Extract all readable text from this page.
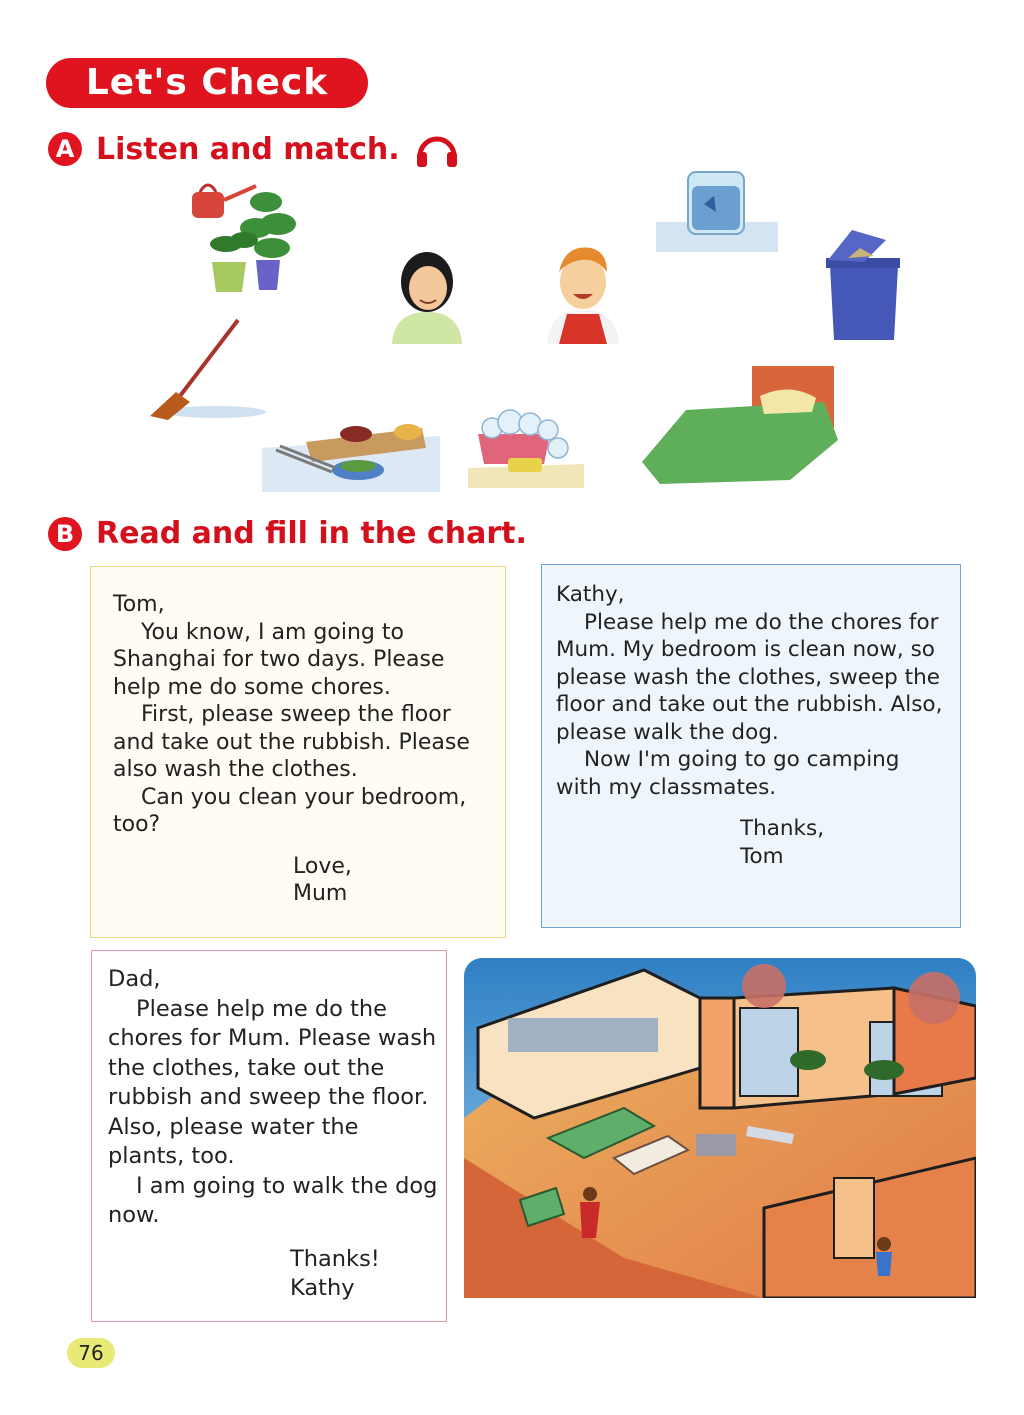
Let's Check
A Listen and match.
B Read and fill in the chart.

Tom,

You know, I am going to Shanghai for two days. Please help me do some chores.

First, please sweep the floor and take out the rubbish. Please also wash the clothes.

Can you clean your bedroom, too?

Love,

Mum

Kathy,

Please help me do the chores for Mum. My bedroom is clean now, so please wash the clothes, sweep the floor and take out the rubbish. Also, please walk the dog.

Now I'm going to go camping with my classmates.

Thanks,

Tom

Dad,

Please help me do the chores for Mum. Please wash the clothes, take out the rubbish and sweep the floor. Also, please water the plants, too.

I am going to walk the dog now.

Thanks!

Kathy

76
